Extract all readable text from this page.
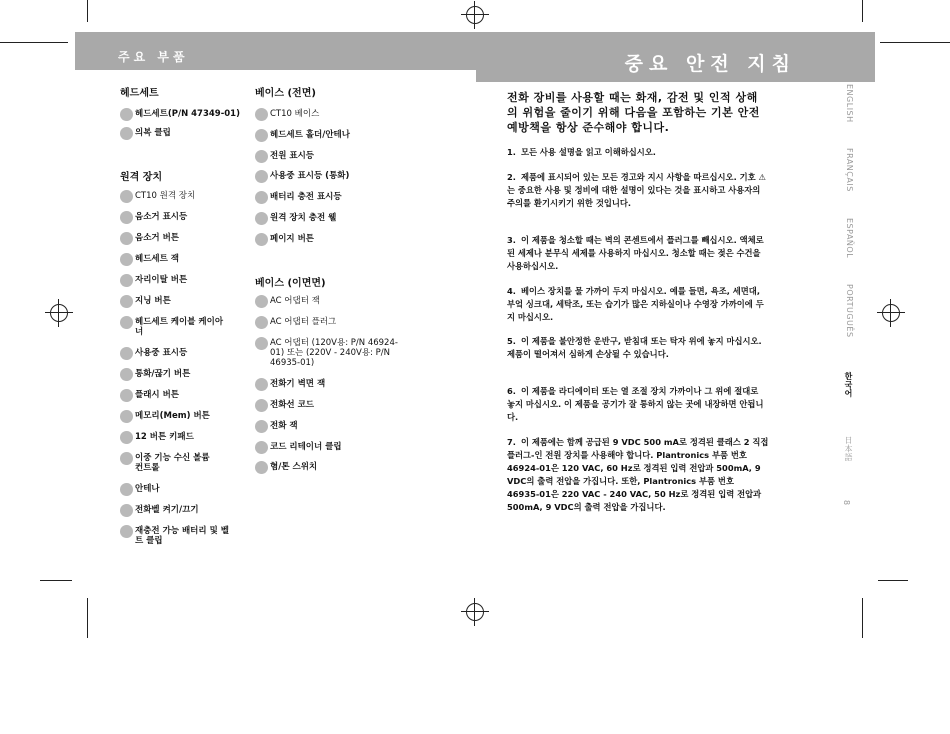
주요 부품	중요 안전 지침
헤드세트
헤드세트(P/N 47349-01)
의복 클립
원격 장치
CT10 원격 장치
음소거 표시등
음소거 버튼
헤드세트 잭
자리이탈 버튼
지닝 버튼
헤드세트 케이블 케이아너
사용중 표시등
통화/끊기 버튼
플래시 버튼
메모리(Mem) 버튼
12 버튼 키패드
이중 기능 수신 볼륨 컨트롤
안테나
전화벨 켜기/끄기
재충전 가능 배터리 및 벨트 클립
베이스 (전면)
CT10 베이스
헤드세트 홀더/안테나
전원 표시등
사용중 표시등 (통화)
배터리 충전 표시등
원격 장치 충전 웰
페이지 버튼
베이스 (이면면)
AC 어댑터 잭
AC 어댑터 플러그
AC 어댑터 (120V용: P/N 46924-01) 또는 (220V - 240V용: P/N 46935-01)
전화기 벽면 잭
전화선 코드
전화 잭
코드 리테이너 클립
혐/톤 스위치
전화 장비를 사용할 때는 화재, 감전 및 인적 상해의 위험을 줄이기 위해 다음을 포함하는 기본 안전 예방책을 항상 준수해야 합니다.
1. 모든 사용 설명을 읽고 이해하십시오.
2. 제품에 표시되어 있는 모든 경고와 지시 사항을 따르십시오. 기호 ⚠ 는 중요한 사용 및 정비에 대한 설명이 있다는 것을 표시하고 사용자의 주의를 환기시키기 위한 것입니다.
3. 이 제품을 청소할 때는 벽의 콘센트에서 플러그를 빼십시오. 액체로 된 세제나 분무식 세제를 사용하지 마십시오. 청소할 때는 젖은 수건을 사용하십시오.
4. 베이스 장치를 물 가까이 두지 마십시오. 예를 들면, 욕조, 세면대, 부엌 싱크대, 세탁조, 또는 습기가 많은 지하실이나 수영장 가까이에 두지 마십시오.
5. 이 제품을 불안정한 운반구, 받침대 또는 탁자 위에 놓지 마십시오. 제품이 떨어져서 심하게 손상될 수 있습니다.
6. 이 제품을 라디에이터 또는 열 조절 장치 가까이나 그 위에 절대로 놓지 마십시오. 이 제품을 공기가 잘 통하지 않는 곳에 내장하면 안됩니다.
7. 이 제품에는 함께 공급된 9 VDC 500 mA로 정격된 클래스 2 직접 플러그-인 전원 장치를 사용해야 합니다. Plantronics 부품 번호 46924-01은 120 VAC, 60 Hz로 정격된 입력 전압과 500mA, 9 VDC의 출력 전압을 가집니다. 또한, Plantronics 부품 번호 46935-01은 220 VAC - 240 VAC, 50 Hz로 정격된 입력 전압과 500mA, 9 VDC의 출력 전압을 가집니다.
ENGLISH
FRANÇAIS
ESPAÑOL
PORTUGUÊS
한국어
日本語
8
